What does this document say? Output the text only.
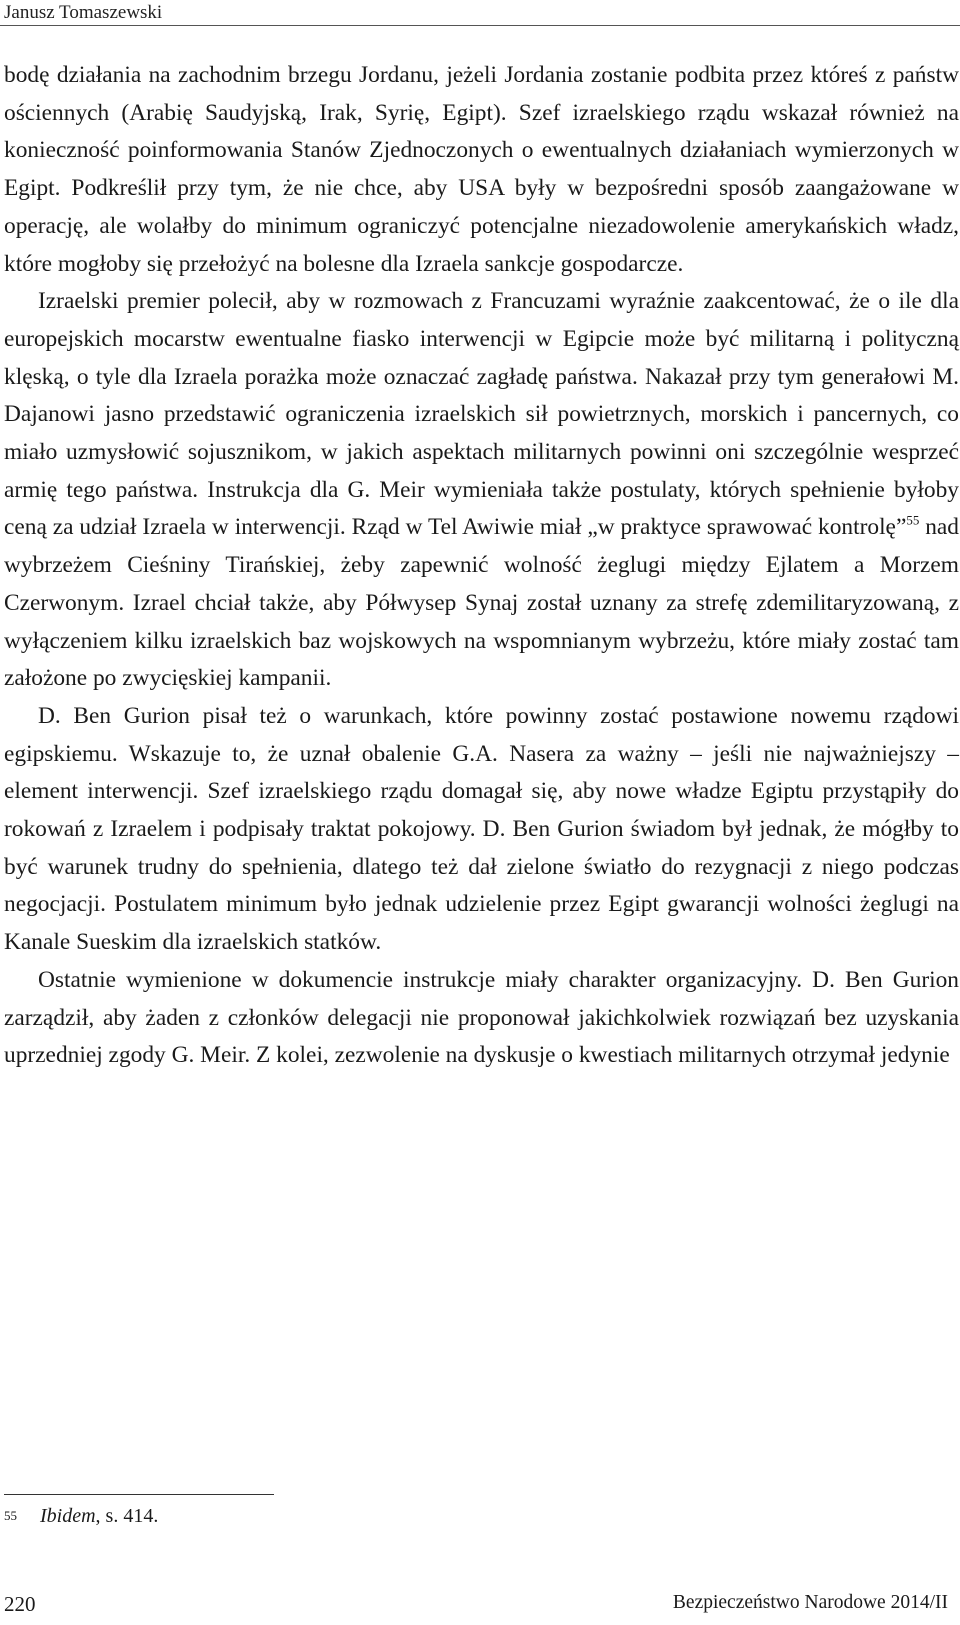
Janusz Tomaszewski

bodę działania na zachodnim brzegu Jordanu, jeżeli Jordania zostanie podbita przez któreś z państw ościennych (Arabię Saudyjską, Irak, Syrię, Egipt). Szef izraelskiego rządu wskazał również na konieczność poinformowania Stanów Zjednoczonych o ewentualnych działaniach wymierzonych w Egipt. Podkreślił przy tym, że nie chce, aby USA były w bezpośredni sposób zaangażowane w operację, ale wolałby do minimum ograniczyć potencjalne niezadowolenie amerykańskich władz, które mogłoby się przełożyć na bolesne dla Izraela sankcje gospodarcze.

Izraelski premier polecił, aby w rozmowach z Francuzami wyraźnie zaakcentować, że o ile dla europejskich mocarstw ewentualne fiasko interwencji w Egipcie może być militarną i polityczną klęską, o tyle dla Izraela porażka może oznaczać zagładę państwa. Nakazał przy tym generałowi M. Dajanowi jasno przedstawić ograniczenia izraelskich sił powietrznych, morskich i pancernych, co miało uzmysłowić sojusznikom, w jakich aspektach militarnych powinni oni szczególnie wesprzeć armię tego państwa. Instrukcja dla G. Meir wymieniała także postulaty, których spełnienie byłoby ceną za udział Izraela w interwencji. Rząd w Tel Awiwie miał „w praktyce sprawować kontrolę”$^{55}$ nad wybrzeżem Cieśniny Tirańskiej, żeby zapewnić wolność żeglugi między Ejlatem a Morzem Czerwonym. Izrael chciał także, aby Półwysep Synaj został uznany za strefę zdemilitaryzowaną, z wyłączeniem kilku izraelskich baz wojskowych na wspomnianym wybrzeżu, które miały zostać tam założone po zwycięskiej kampanii.

D. Ben Gurion pisał też o warunkach, które powinny zostać postawione nowemu rządowi egipskiemu. Wskazuje to, że uznał obalenie G.A. Nasera za ważny – jeśli nie najważniejszy – element interwencji. Szef izraelskiego rządu domagał się, aby nowe władze Egiptu przystąpiły do rokowań z Izraelem i podpisały traktat pokojowy. D. Ben Gurion świadom był jednak, że mógłby to być warunek trudny do spełnienia, dlatego też dał zielone światło do rezygnacji z niego podczas negocjacji. Postulatem minimum było jednak udzielenie przez Egipt gwarancji wolności żeglugi na Kanale Sueskim dla izraelskich statków.

Ostatnie wymienione w dokumencie instrukcje miały charakter organizacyjny. D. Ben Gurion zarządził, aby żaden z członków delegacji nie proponował jakichkolwiek rozwiązań bez uzyskania uprzedniej zgody G. Meir. Z kolei, zezwolenie na dyskusje o kwestiach militarnych otrzymał jedynie

55 Ibidem, s. 414.
220	Bezpieczeństwo Narodowe 2014/II
